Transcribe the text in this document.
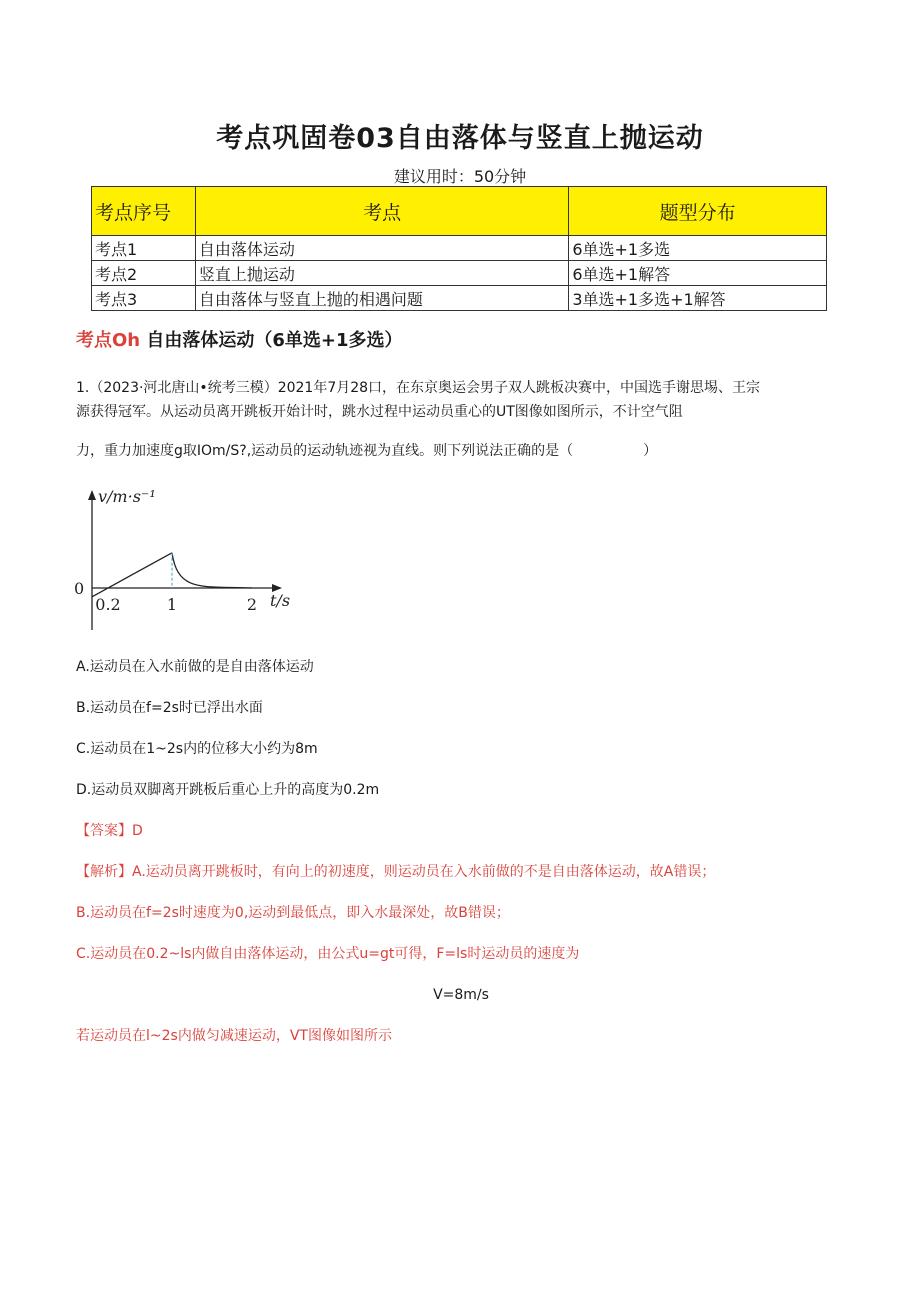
考点巩固卷03自由落体与竖直上抛运动
建议用时：50分钟
考点序号	考点	题型分布
考点1	自由落体运动	6单选+1多选
考点2	竖直上抛运动	6单选+1解答
考点3	自由落体与竖直上抛的相遇问题	3单选+1多选+1解答
考点Oh 自由落体运动（6单选+1多选）
1.（2023·河北唐山•统考三模）2021年7月28口，在东京奥运会男子双人跳板决赛中，中国选手谢思埸、王宗
源获得冠军。从运动员离开跳板开始计时，跳水过程中运动员重心的UT图像如图所示，不计空气阻
力，重力加速度g取IOm/S?,运动员的运动轨迹视为直线。则下列说法正确的是（　　　　　）
v/m·s⁻¹
t/s
0
0.2	1	2
A.运动员在入水前做的是自由落体运动
B.运动员在f=2s时已浮出水面
C.运动员在1~2s内的位移大小约为8m
D.运动员双脚离开跳板后重心上升的高度为0.2m
【答案】D
【解析】A.运动员离开跳板时，有向上的初速度，则运动员在入水前做的不是自由落体运动，故A错误；
B.运动员在f=2s时速度为0,运动到最低点，即入水最深处，故B错误；
C.运动员在0.2~ls内做自由落体运动，由公式u=gt可得，F=ls时运动员的速度为
V=8m∕s
若运动员在l~2s内做匀减速运动，VT图像如图所示
